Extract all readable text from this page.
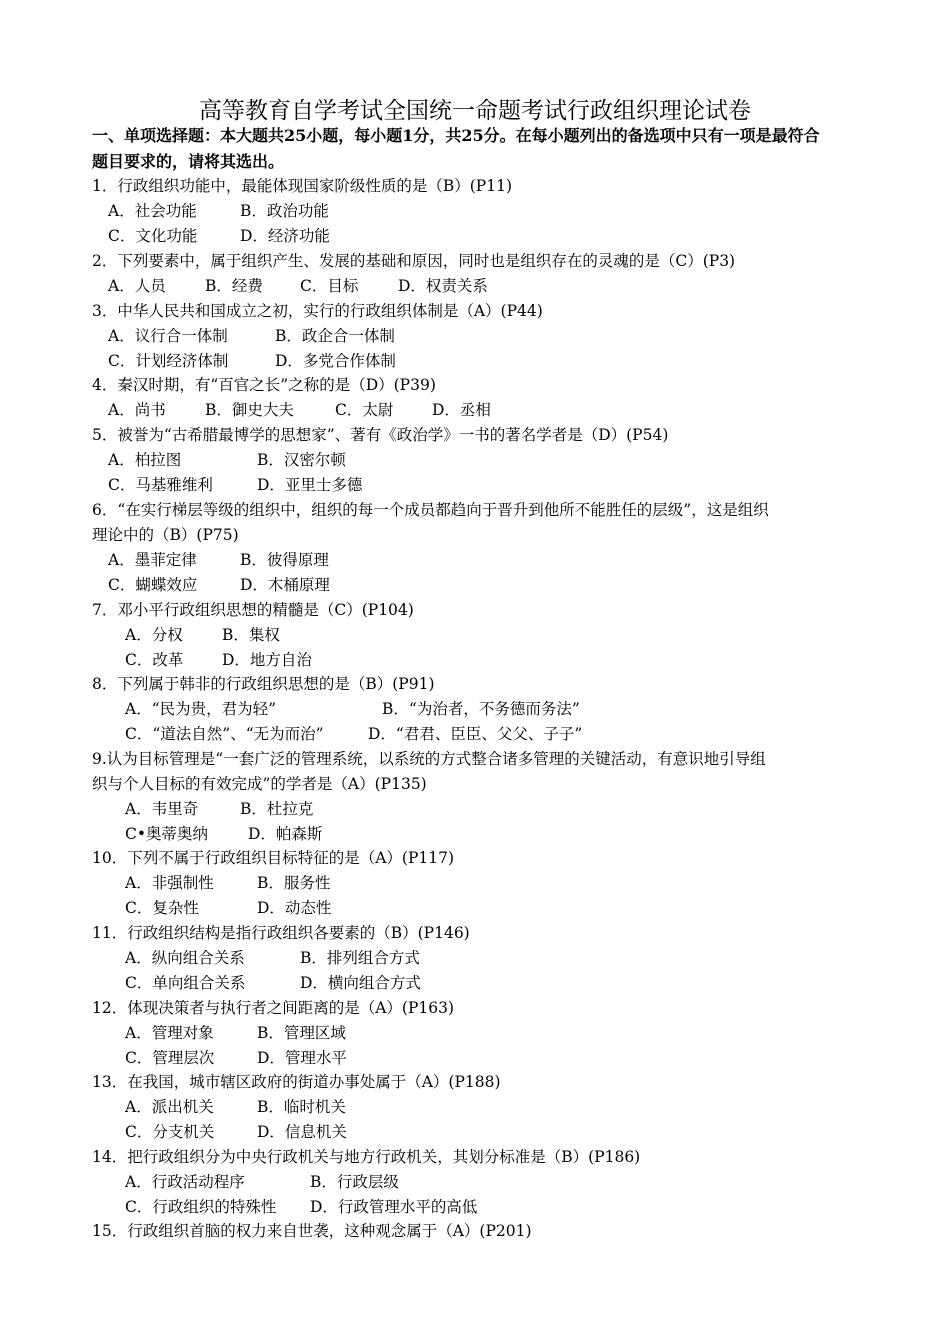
高等教育自学考试全国统一命题考试行政组织理论试卷
一、单项选择题：本大题共25小题，每小题1分，共25分。在每小题列出的备选项中只有一项是最符合
题目要求的，请将其选出。
1．行政组织功能中，最能体现国家阶级性质的是（B）(P11)
A．社会功能	B．政治功能
C．文化功能	D．经济功能
2．下列要素中，属于组织产生、发展的基础和原因，同时也是组织存在的灵魂的是（C）(P3)
A．人员	B．经费 C．目标	D．权责关系
3．中华人民共和国成立之初，实行的行政组织体制是（A）(P44)
A．议行合一体制	B．政企合一体制
C．计划经济体制	D．多党合作体制
4．秦汉时期，有“百官之长”之称的是（D）(P39)
A．尚书	B．御史大夫	C．太尉 D．丞相
5．被誉为“古希腊最博学的思想家”、著有《政治学》一书的著名学者是（D）(P54)
A．柏拉图	B．汉密尔顿
C．马基雅维利	D．亚里士多德
6．“在实行梯层等级的组织中，组织的每一个成员都趋向于晋升到他所不能胜任的层级”，这是组织
理论中的（B）(P75)
A．墨菲定律	B．彼得原理
C．蝴蝶效应	D．木桶原理
7．邓小平行政组织思想的精髓是（C）(P104)
A．分权	B．集权
C．改革 D．地方自治
8．下列属于韩非的行政组织思想的是（B）(P91)
A．“民为贵，君为轻”	B．“为治者，不务德而务法”
C．“道法自然”、“无为而治”	D．“君君、臣臣、父父、子子”
9.认为目标管理是“一套广泛的管理系统，以系统的方式整合诸多管理的关键活动，有意识地引导组
织与个人目标的有效完成”的学者是（A）(P135)
A．韦里奇	B．杜拉克
C•奥蒂奥纳	D．帕森斯
10．下列不属于行政组织目标特征的是（A）(P117)
A．非强制性	B．服务性
C．复杂性	D．动态性
11．行政组织结构是指行政组织各要素的（B）(P146)
A．纵向组合关系	B．排列组合方式
C．单向组合关系	D．横向组合方式
12．体现决策者与执行者之间距离的是（A）(P163)
A．管理对象	B．管理区域
C．管理层次	D．管理水平
13．在我国，城市辖区政府的街道办事处属于（A）(P188)
A．派出机关	B．临时机关
C．分支机关	D．信息机关
14．把行政组织分为中央行政机关与地方行政机关，其划分标准是（B）(P186)
A．行政活动程序	B．行政层级
C．行政组织的特殊性 D．行政管理水平的高低
15．行政组织首脑的权力来自世袭，这种观念属于（A）(P201)
